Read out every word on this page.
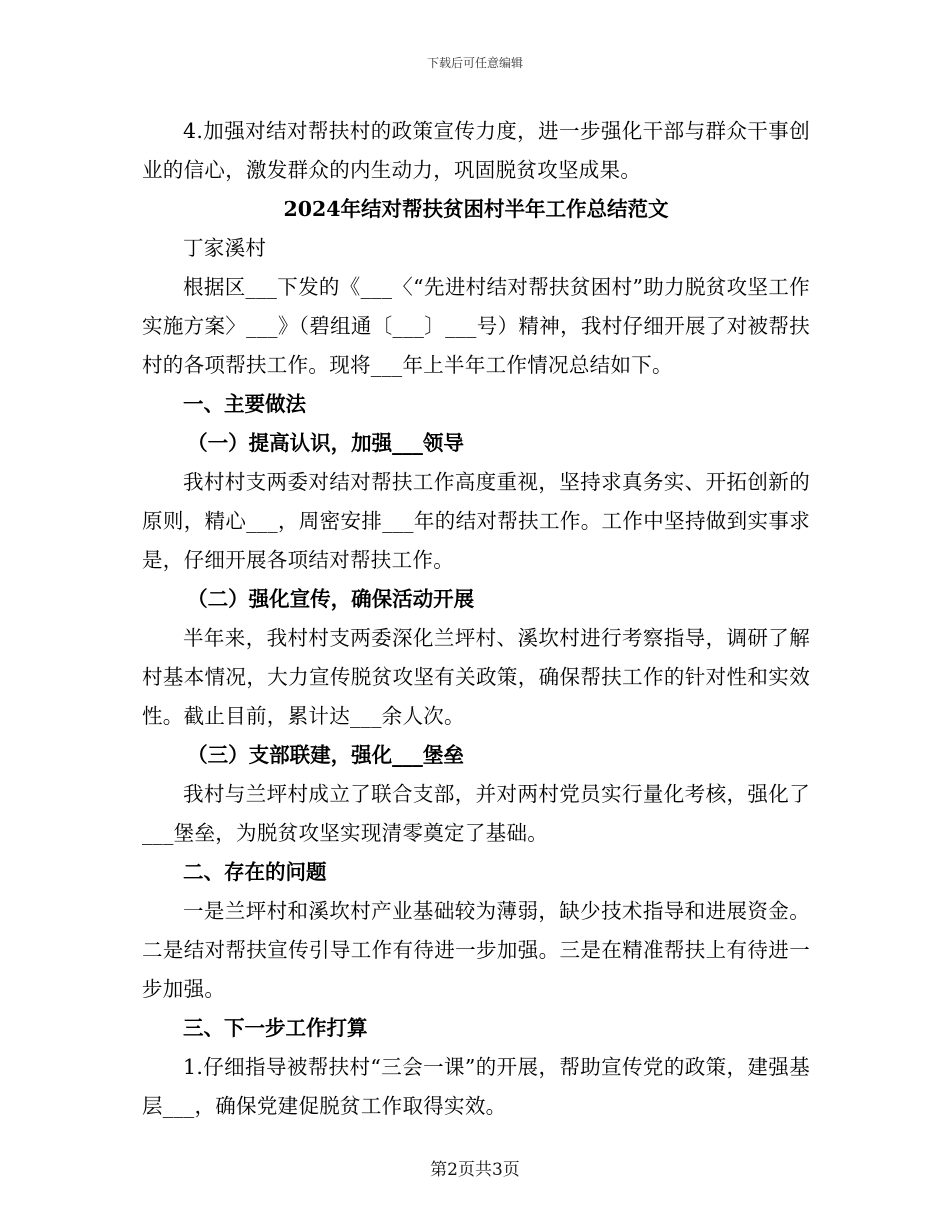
下载后可任意编辑

4.加强对结对帮扶村的政策宣传力度，进一步强化干部与群众干事创业的信心，激发群众的内生动力，巩固脱贫攻坚成果。

2024年结对帮扶贫困村半年工作总结范文

丁家溪村

根据区___下发的《___〈“先进村结对帮扶贫困村”助力脱贫攻坚工作实施方案〉___》（碧组通〔___〕___号）精神，我村仔细开展了对被帮扶村的各项帮扶工作。现将___年上半年工作情况总结如下。

一、主要做法

（一）提高认识，加强___领导

我村村支两委对结对帮扶工作高度重视，坚持求真务实、开拓创新的原则，精心___，周密安排___年的结对帮扶工作。工作中坚持做到实事求是，仔细开展各项结对帮扶工作。

（二）强化宣传，确保活动开展

半年来，我村村支两委深化兰坪村、溪坎村进行考察指导，调研了解村基本情况，大力宣传脱贫攻坚有关政策，确保帮扶工作的针对性和实效性。截止目前，累计达___余人次。

（三）支部联建，强化___堡垒

我村与兰坪村成立了联合支部，并对两村党员实行量化考核，强化了___堡垒，为脱贫攻坚实现清零奠定了基础。

二、存在的问题

一是兰坪村和溪坎村产业基础较为薄弱，缺少技术指导和进展资金。二是结对帮扶宣传引导工作有待进一步加强。三是在精准帮扶上有待进一步加强。

三、下一步工作打算

1.仔细指导被帮扶村“三会一课”的开展，帮助宣传党的政策，建强基层___，确保党建促脱贫工作取得实效。

第2页共3页
